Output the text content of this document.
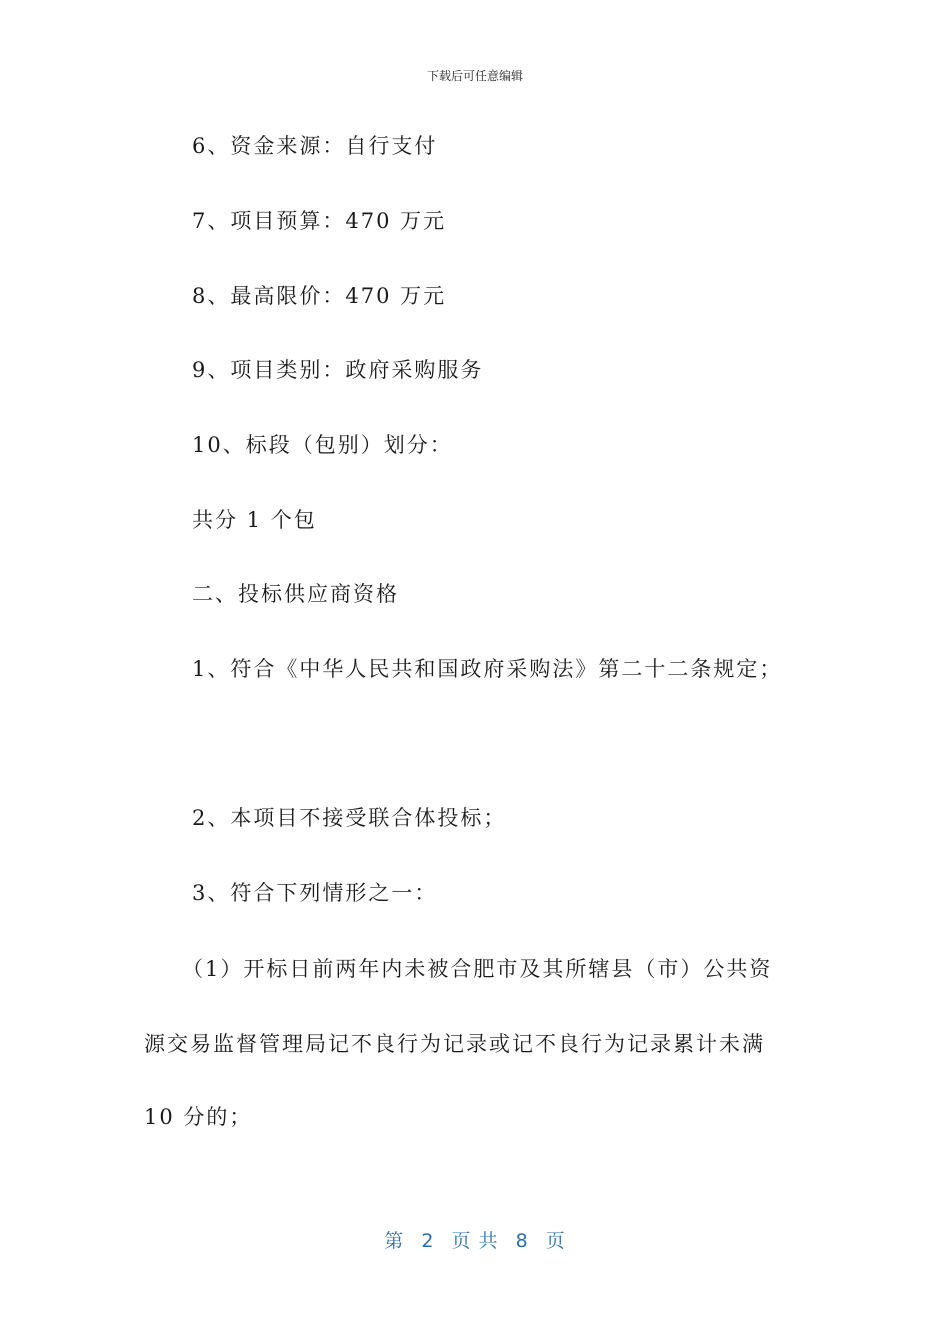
下载后可任意编辑
6、资金来源：自行支付
7、项目预算：470 万元
8、最高限价：470 万元
9、项目类别：政府采购服务
10、标段（包别）划分：
共分 1 个包
二、投标供应商资格
1、符合《中华人民共和国政府采购法》第二十二条规定；
2、本项目不接受联合体投标；
3、符合下列情形之一：
（1）开标日前两年内未被合肥市及其所辖县（市）公共资
源交易监督管理局记不良行为记录或记不良行为记录累计未满
10 分的；
第 2 页 共 8 页
